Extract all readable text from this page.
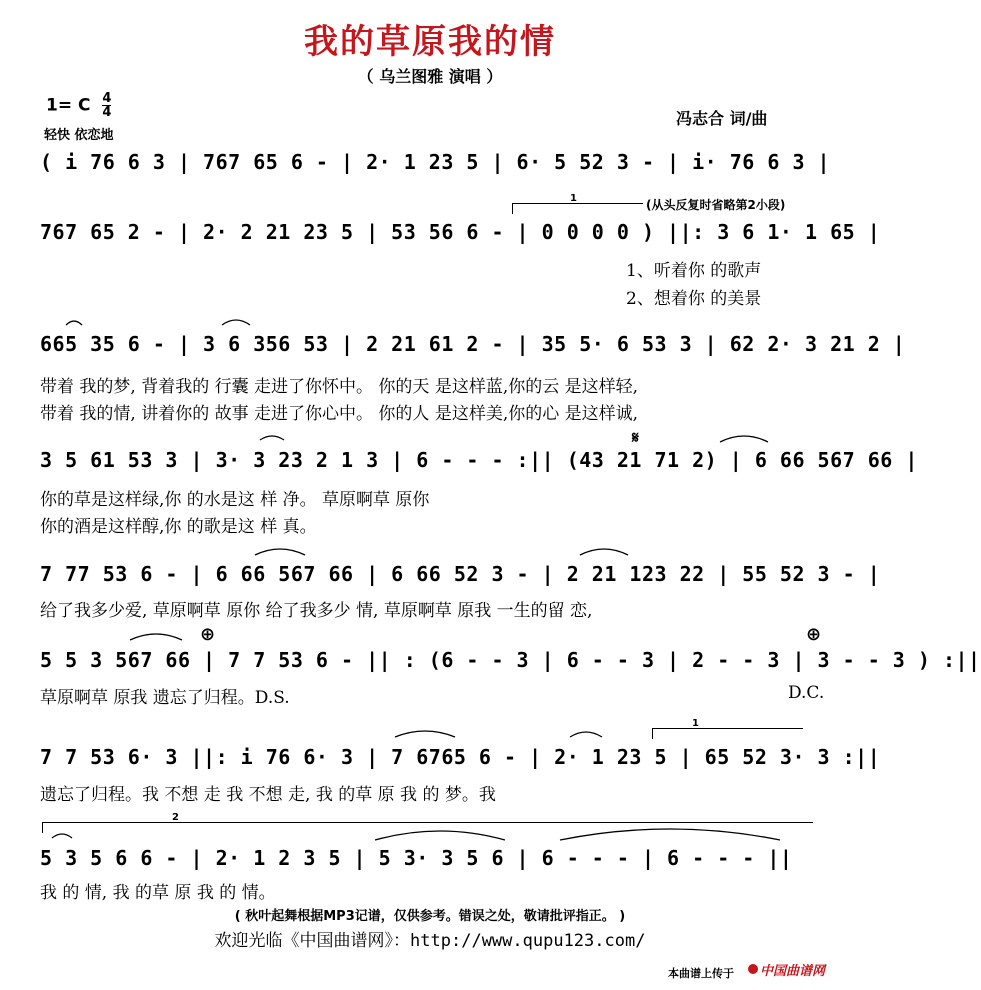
我的草原我的情
（ 乌兰图雅 演唱 ）
1= C $\frac{4}{4}$
轻快 依恋地
冯志合 词/曲
( i 76 6 3 | 767 65 6 - | 2· 1 23 5 | 6· 5 52 3 - | i· 76 6 3 |
1	(从头反复时省略第2小段)
767 65 2 - | 2· 2 21 23 5 | 53 56 6 - | 0 0 0 0 ) ||: 3 6 1· 1 65 |
1、听着你 的歌声
2、想着你 的美景
665 35 6 - | 3 6 356 53 | 2 21 61 2 - | 35 5· 6 53 3 | 62 2· 3 21 2 |
带着 我的梦, 背着我的 行囊 走进了你怀中。 你的天 是这样蓝,你的云 是这样轻,
带着 我的情, 讲着你的 故事 走进了你心中。 你的人 是这样美,你的心 是这样诚,
𝄋
3 5 61 53 3 | 3· 3 23 2 1 3 | 6 - - - :|| (43 21 71 2) | 6 66 567 66 |
你的草是这样绿,你 的水是这 样 净。 草原啊草 原你
你的酒是这样醇,你 的歌是这 样 真。
7 77 53 6 - | 6 66 567 66 | 6 66 52 3 - | 2 21 123 22 | 55 52 3 - |
给了我多少爱, 草原啊草 原你 给了我多少 情, 草原啊草 原我 一生的留 恋,
⊕	⊕
5 5 3 567 66 | 7 7 53 6 - || : (6 - - 3 | 6 - - 3 | 2 - - 3 | 3 - - 3 ) :||
草原啊草 原我 遗忘了归程。D.S.	D.C.
1
7 7 53 6· 3 ||: i 76 6· 3 | 7 6765 6 - | 2· 1 23 5 | 65 52 3· 3 :||
遗忘了归程。我 不想 走 我 不想 走, 我 的草 原 我 的 梦。我
2
5 3 5 6 6 - | 2· 1 2 3 5 | 5 3· 3 5 6 | 6 - - - | 6 - - - ||
我 的 情, 我 的草 原 我 的 情。
( 秋叶起舞根据MP3记谱，仅供参考。错误之处，敬请批评指正。 )
欢迎光临《中国曲谱网》：http://www.qupu123.com/
本曲谱上传于 中国曲谱网
